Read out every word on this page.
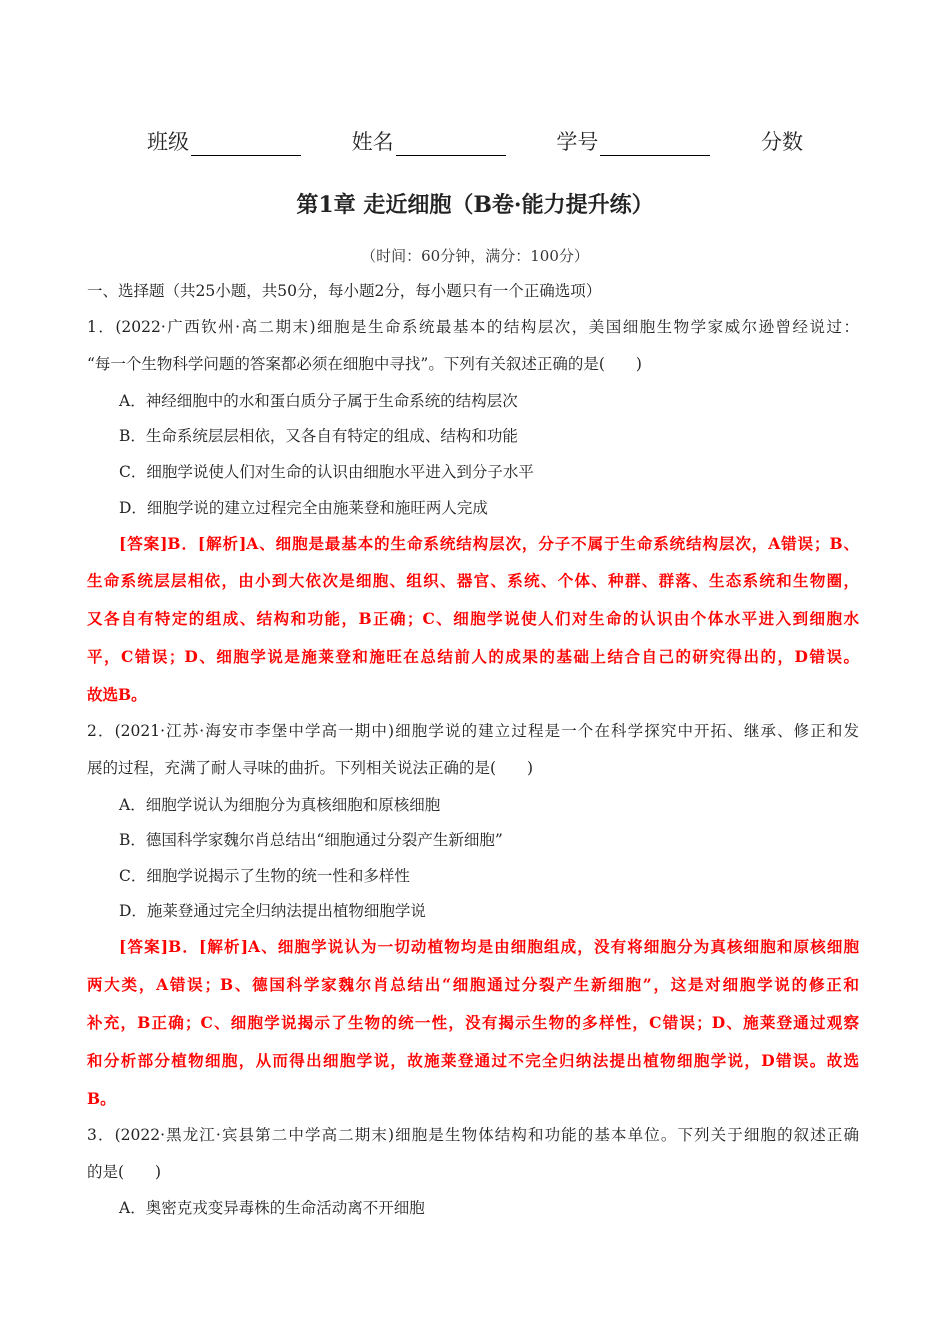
班级	姓名	学号	分数
第1章 走近细胞（B卷·能力提升练）
（时间：60分钟，满分：100分）
一、选择题（共25小题，共50分，每小题2分，每小题只有一个正确选项）
1．(2022·广西钦州·高二期末)细胞是生命系统最基本的结构层次，美国细胞生物学家威尔逊曾经说过：
“每一个生物科学问题的答案都必须在细胞中寻找”。下列有关叙述正确的是(　　)
A．神经细胞中的水和蛋白质分子属于生命系统的结构层次
B．生命系统层层相依，又各自有特定的组成、结构和功能
C．细胞学说使人们对生命的认识由细胞水平进入到分子水平
D．细胞学说的建立过程完全由施莱登和施旺两人完成
[答案]B．[解析]A、细胞是最基本的生命系统结构层次，分子不属于生命系统结构层次，A错误；B、
生命系统层层相依，由小到大依次是细胞、组织、器官、系统、个体、种群、群落、生态系统和生物圈，
又各自有特定的组成、结构和功能，B正确；C、细胞学说使人们对生命的认识由个体水平进入到细胞水
平，C错误；D、细胞学说是施莱登和施旺在总结前人的成果的基础上结合自己的研究得出的，D错误。
故选B。
2．(2021·江苏·海安市李堡中学高一期中)细胞学说的建立过程是一个在科学探究中开拓、继承、修正和发
展的过程，充满了耐人寻味的曲折。下列相关说法正确的是(　　)
A．细胞学说认为细胞分为真核细胞和原核细胞
B．德国科学家魏尔肖总结出“细胞通过分裂产生新细胞”
C．细胞学说揭示了生物的统一性和多样性
D．施莱登通过完全归纳法提出植物细胞学说
[答案]B．[解析]A、细胞学说认为一切动植物均是由细胞组成，没有将细胞分为真核细胞和原核细胞
两大类，A错误；B、德国科学家魏尔肖总结出“细胞通过分裂产生新细胞”，这是对细胞学说的修正和
补充，B正确；C、细胞学说揭示了生物的统一性，没有揭示生物的多样性，C错误；D、施莱登通过观察
和分析部分植物细胞，从而得出细胞学说，故施莱登通过不完全归纳法提出植物细胞学说，D错误。故选
B。
3．(2022·黑龙江·宾县第二中学高二期末)细胞是生物体结构和功能的基本单位。下列关于细胞的叙述正确
的是(　　)
A．奥密克戎变异毒株的生命活动离不开细胞
